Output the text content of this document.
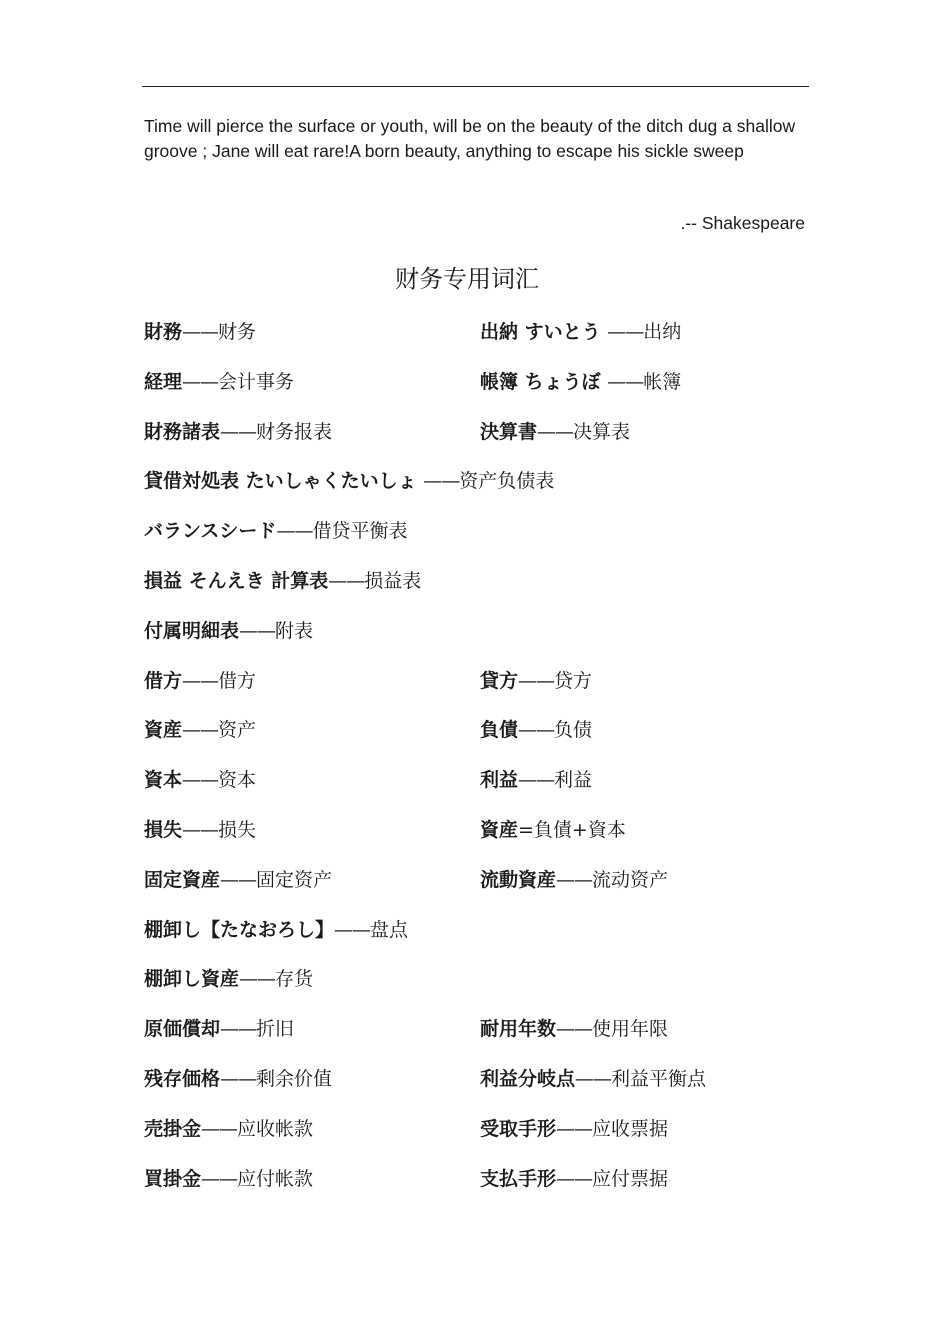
Time will pierce the surface or youth, will be on the beauty of the ditch dug a shallow groove ; Jane will eat rare!A born beauty, anything to escape his sickle sweep
.-- Shakespeare
财务专用词汇
財務——财务	出納 すいとう ——出纳
経理——会计事务	帳簿 ちょうぼ ——帐簿
財務諸表——财务报表	決算書——决算表
貸借対処表 たいしゃくたいしょ ——资产负债表
バランスシード——借贷平衡表
損益 そんえき 計算表——损益表
付属明細表——附表
借方——借方	貸方——贷方
資産——资产	負債——负债
資本——资本	利益——利益
損失——损失	資産=負債+資本
固定資産——固定资产	流動資産——流动资产
棚卸し【たなおろし】——盘点
棚卸し資産——存货
原価償却——折旧	耐用年数——使用年限
残存価格——剩余价值	利益分岐点——利益平衡点
売掛金——应收帐款	受取手形——应收票据
買掛金——应付帐款	支払手形——应付票据
